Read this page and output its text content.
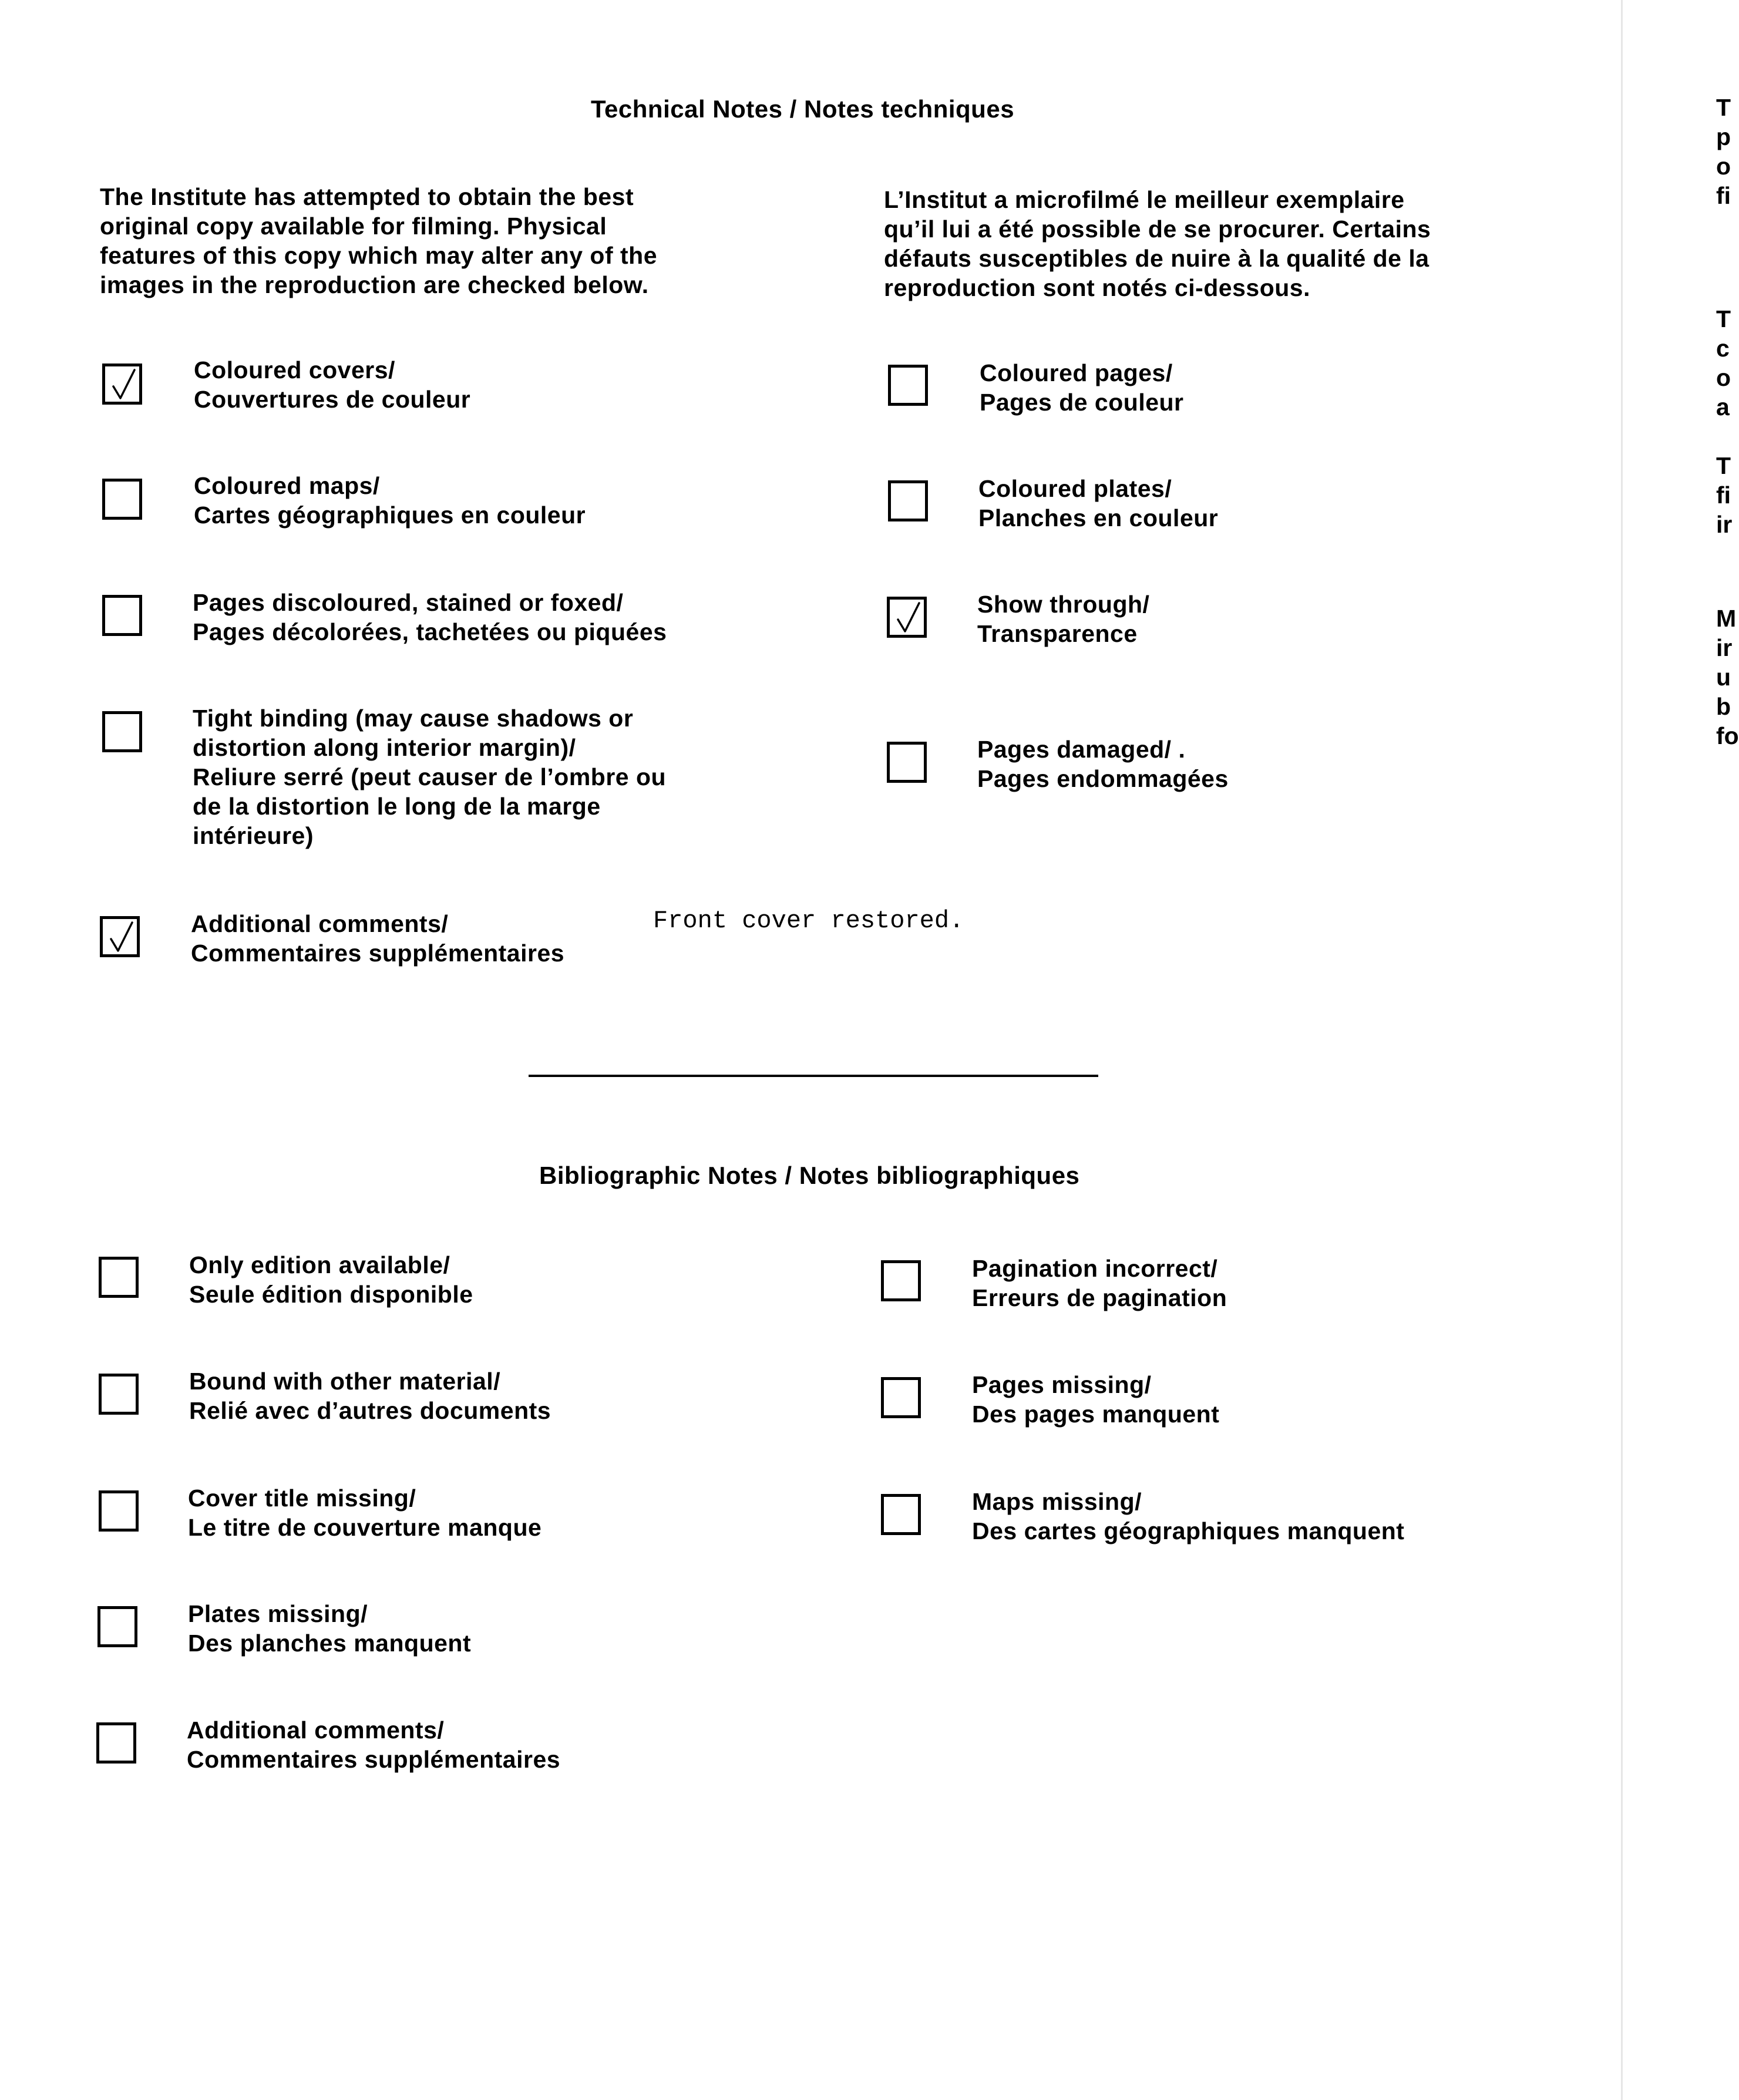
Technical Notes / Notes techniques
The Institute has attempted to obtain the best
original copy available for filming. Physical
features of this copy which may alter any of the
images in the reproduction are checked below.
L’Institut a microfilmé le meilleur exemplaire
qu’il lui a été possible de se procurer. Certains
défauts susceptibles de nuire à la qualité de la
reproduction sont notés ci-dessous.
Coloured covers/
Couvertures de couleur
Coloured maps/
Cartes géographiques en couleur
Pages discoloured, stained or foxed/
Pages décolorées, tachetées ou piquées
Tight binding (may cause shadows or
distortion along interior margin)/
Reliure serré (peut causer de l’ombre ou
de la distortion le long de la marge
intérieure)
Additional comments/
Commentaires supplémentaires
Front cover restored.
Coloured pages/
Pages de couleur
Coloured plates/
Planches en couleur
Show through/
Transparence
Pages damaged/ .
Pages endommagées
Bibliographic Notes / Notes bibliographiques
Only edition available/
Seule édition disponible
Bound with other material/
Relié avec d’autres documents
Cover title missing/
Le titre de couverture manque
Plates missing/
Des planches manquent
Additional comments/
Commentaires supplémentaires
Pagination incorrect/
Erreurs de pagination
Pages missing/
Des pages manquent
Maps missing/
Des cartes géographiques manquent
T
p
o
fi
T
c
o
a
T
fi
ir
M
ir
u
b
fo
